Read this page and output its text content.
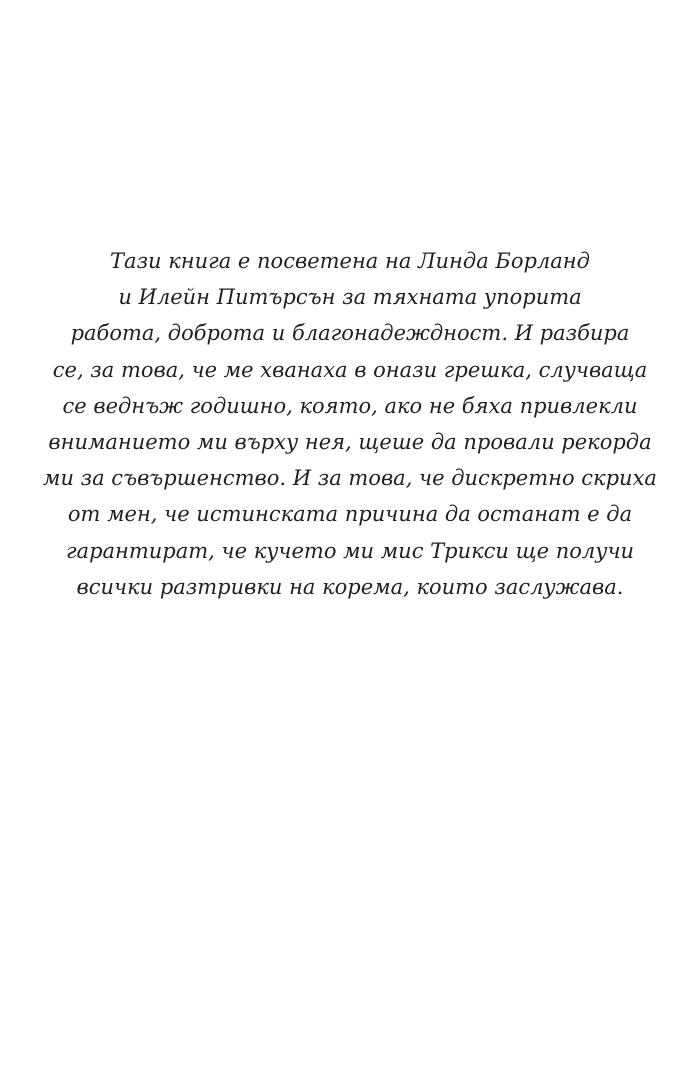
Тази книга е посветена на Линда Борланд
и Илейн Питърсън за тяхната упорита
работа, доброта и благонадеждност. И разбира
се, за това, че ме хванаха в онази грешка, случваща
се веднъж годишно, която, ако не бяха привлекли
вниманието ми върху нея, щеше да провали рекорда
ми за съвършенство. И за това, че дискретно скриха
от мен, че истинската причина да останат е да
гарантират, че кучето ми мис Трикси ще получи
всички разтривки на корема, които заслужава.
